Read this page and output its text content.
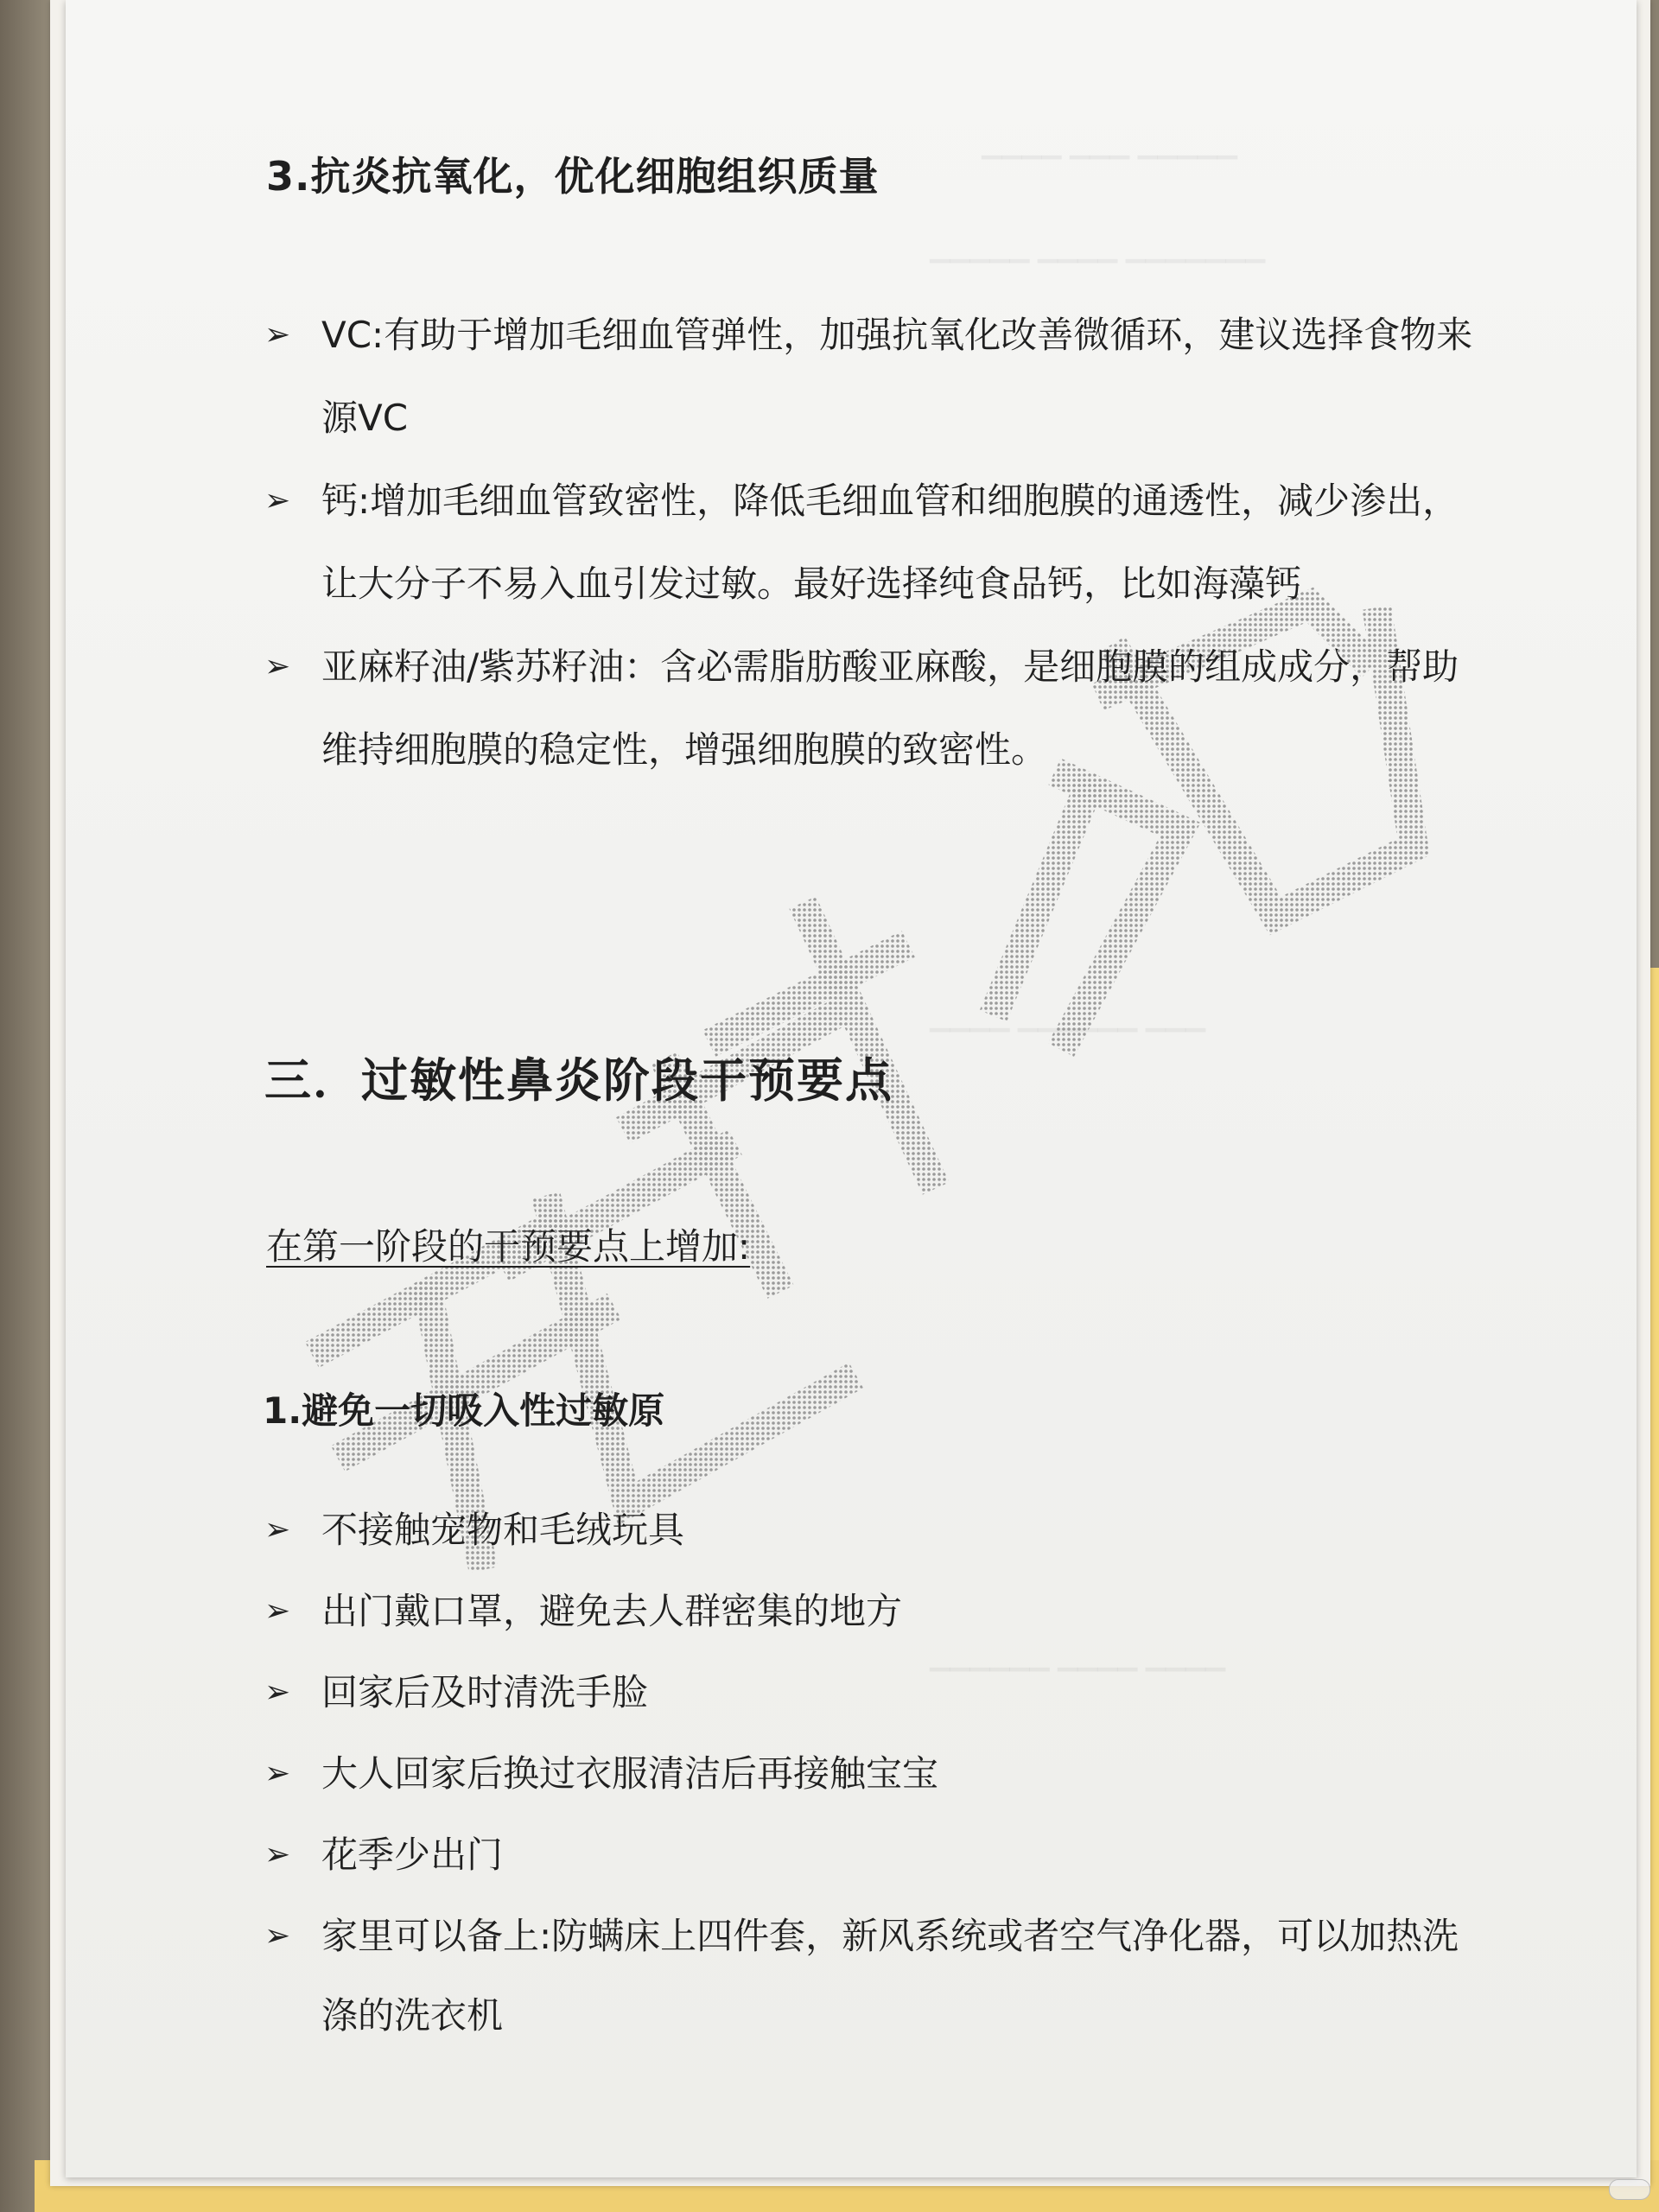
▁▁▁▁ ▁▁▁ ▁▁▁▁▁
▁▁▁▁▁ ▁▁▁▁ ▁▁▁▁▁▁▁
▁▁▁▁ ▁▁▁▁▁▁ ▁▁▁
▁▁▁▁▁▁ ▁▁▁▁ ▁▁▁▁
梧桐笔记
3.抗炎抗氧化，优化细胞组织质量
➢ VC:有助于增加毛细血管弹性，加强抗氧化改善微循环，建议选择食物来源VC
➢ 钙:增加毛细血管致密性，降低毛细血管和细胞膜的通透性，减少渗出，让大分子不易入血引发过敏。最好选择纯食品钙，比如海藻钙
➢ 亚麻籽油/紫苏籽油：含必需脂肪酸亚麻酸，是细胞膜的组成成分，帮助维持细胞膜的稳定性，增强细胞膜的致密性。
三．过敏性鼻炎阶段干预要点
在第一阶段的干预要点上增加:
1.避免一切吸入性过敏原
➢ 不接触宠物和毛绒玩具
➢ 出门戴口罩，避免去人群密集的地方
➢ 回家后及时清洗手脸
➢ 大人回家后换过衣服清洁后再接触宝宝
➢ 花季少出门
➢ 家里可以备上:防螨床上四件套，新风系统或者空气净化器，可以加热洗涤的洗衣机
